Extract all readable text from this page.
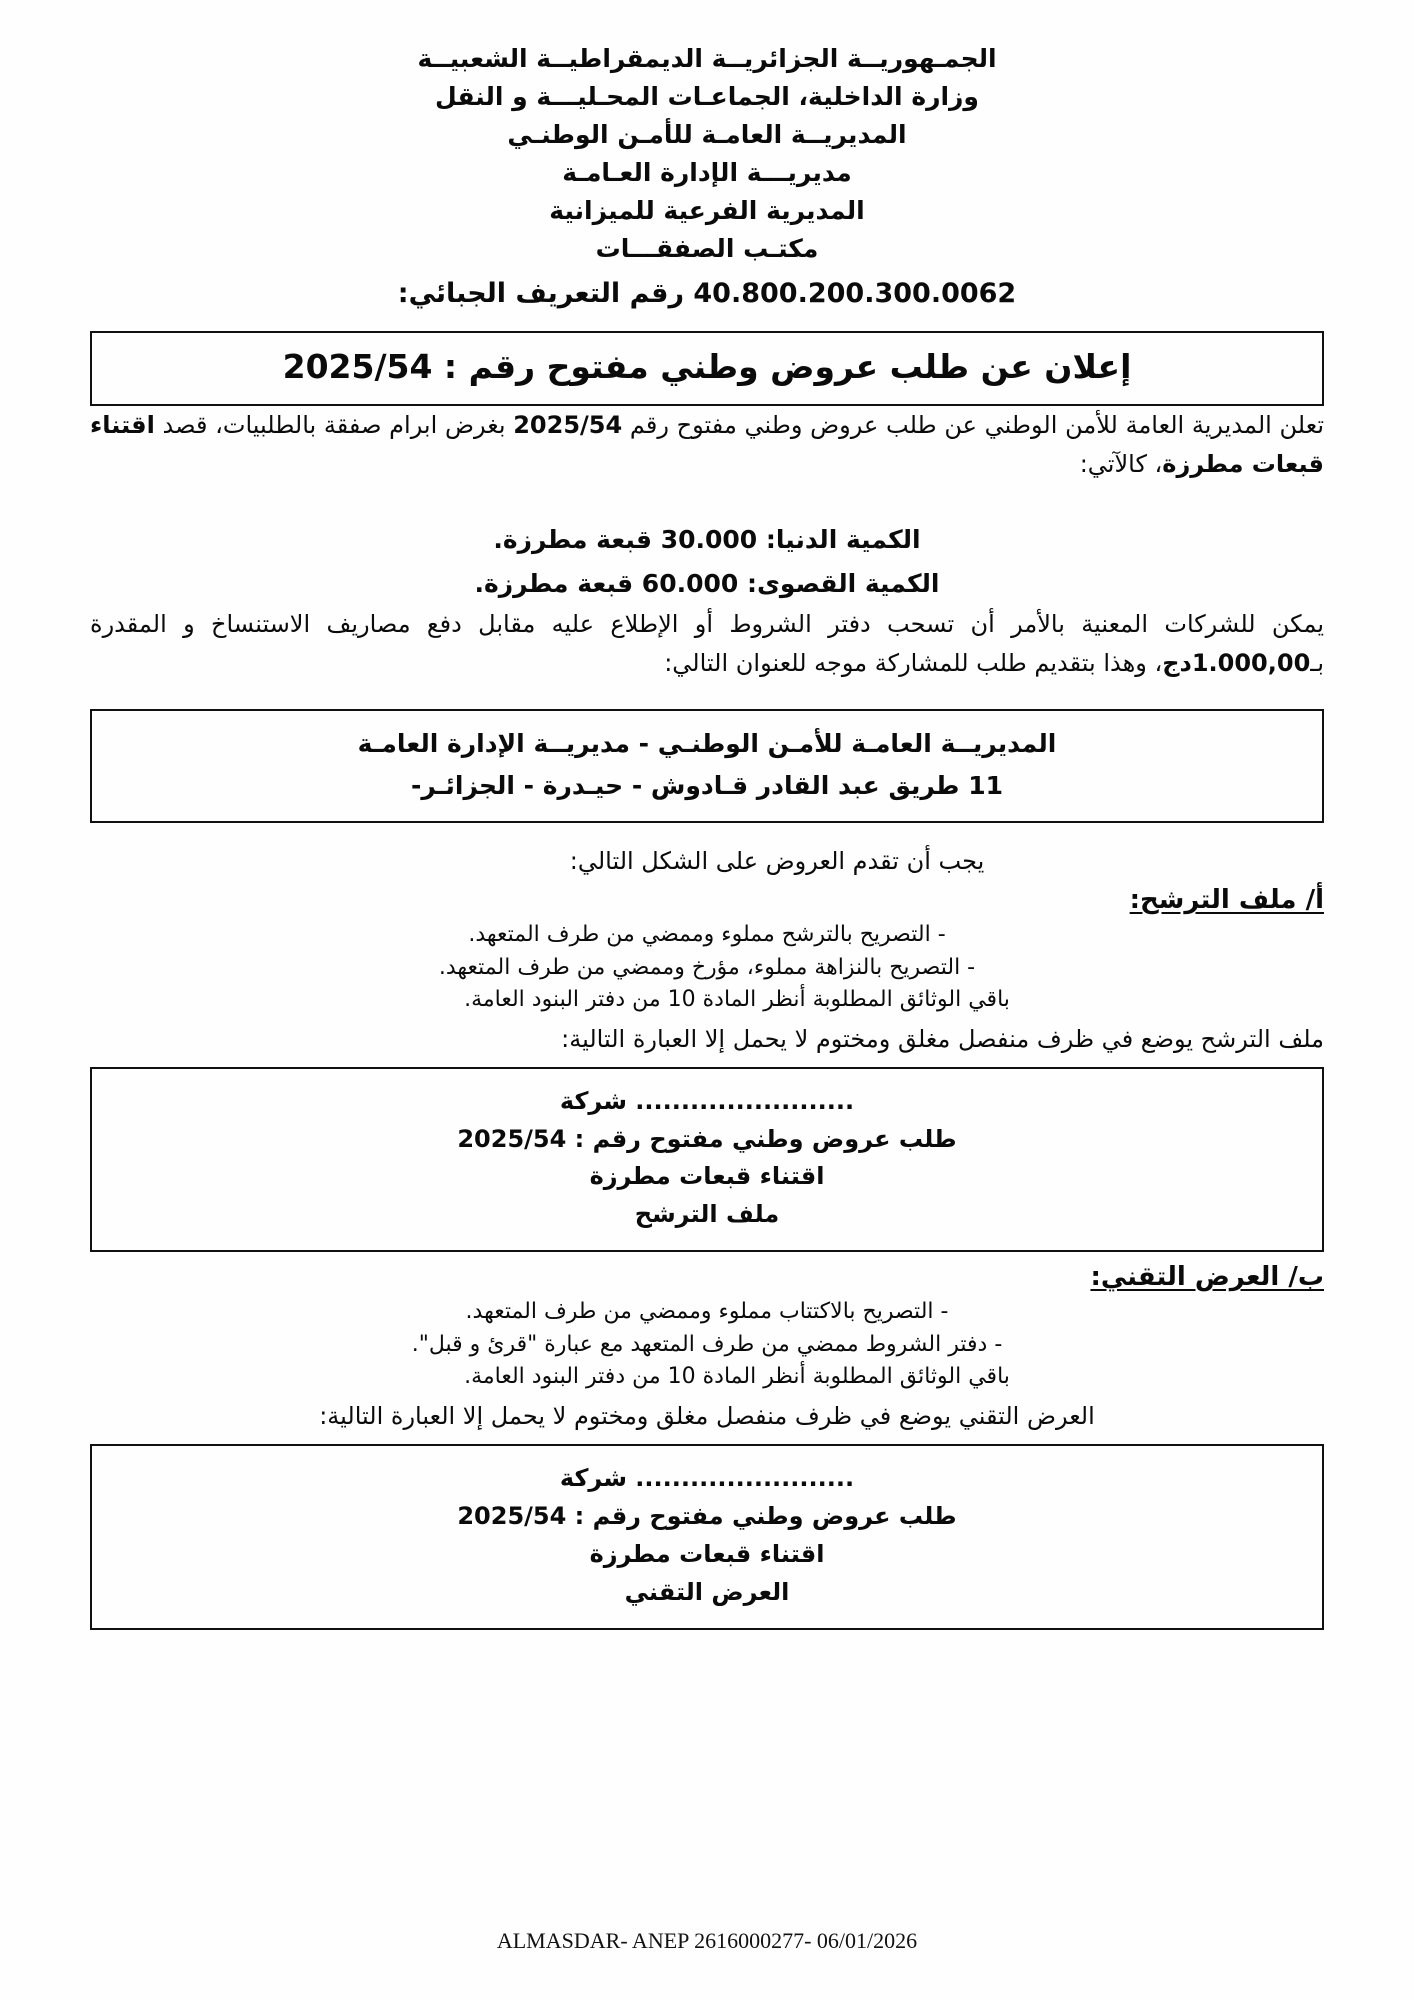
الجمـهوريــة الجزائريــة الديمقراطيــة الشعبيــة
وزارة الداخلية، الجماعـات المحـليـــة و النقل
المديريــة العامـة للأمـن الوطنـي
مديريـــة الإدارة العـامـة
المديرية الفرعية للميزانية
مكتـب الصفقـــات
40.800.200.300.0062 رقم التعريف الجبائي:
إعلان عن طلب عروض وطني مفتوح رقم : 2025/54

تعلن المديرية العامة للأمن الوطني عن طلب عروض وطني مفتوح رقم 2025/54 بغرض ابرام صفقة بالطلبيات، قصد اقتناء قبعات مطرزة، كالآتي:

الكمية الدنيا: 30.000 قبعة مطرزة.
الكمية القصوى: 60.000 قبعة مطرزة.

يمكن للشركات المعنية بالأمر أن تسحب دفتر الشروط أو الإطلاع عليه مقابل دفع مصاريف الاستنساخ و المقدرة بـ1.000,00دج، وهذا بتقديم طلب للمشاركة موجه للعنوان التالي:

المديريــة العامـة للأمـن الوطنـي - مديريــة الإدارة العامـة
11 طريق عبد القادر قـادوش - حيـدرة - الجزائـر-
يجب أن تقدم العروض على الشكل التالي:
أ/ ملف الترشح:
- التصريح بالترشح مملوء وممضي من طرف المتعهد.
- التصريح بالنزاهة مملوء، مؤرخ وممضي من طرف المتعهد.
باقي الوثائق المطلوبة أنظر المادة 10 من دفتر البنود العامة.
ملف الترشح يوضع في ظرف منفصل مغلق ومختوم لا يحمل إلا العبارة التالية:
........................ شركة
طلب عروض وطني مفتوح رقم : 2025/54
اقتناء قبعات مطرزة
ملف الترشح
ب/ العرض التقني:
- التصريح بالاكتتاب مملوء وممضي من طرف المتعهد.
- دفتر الشروط ممضي من طرف المتعهد مع عبارة "قرئ و قبل".
باقي الوثائق المطلوبة أنظر المادة 10 من دفتر البنود العامة.
العرض التقني يوضع في ظرف منفصل مغلق ومختوم لا يحمل إلا العبارة التالية:
........................ شركة
طلب عروض وطني مفتوح رقم : 2025/54
اقتناء قبعات مطرزة
العرض التقني
ALMASDAR- ANEP 2616000277- 06/01/2026
